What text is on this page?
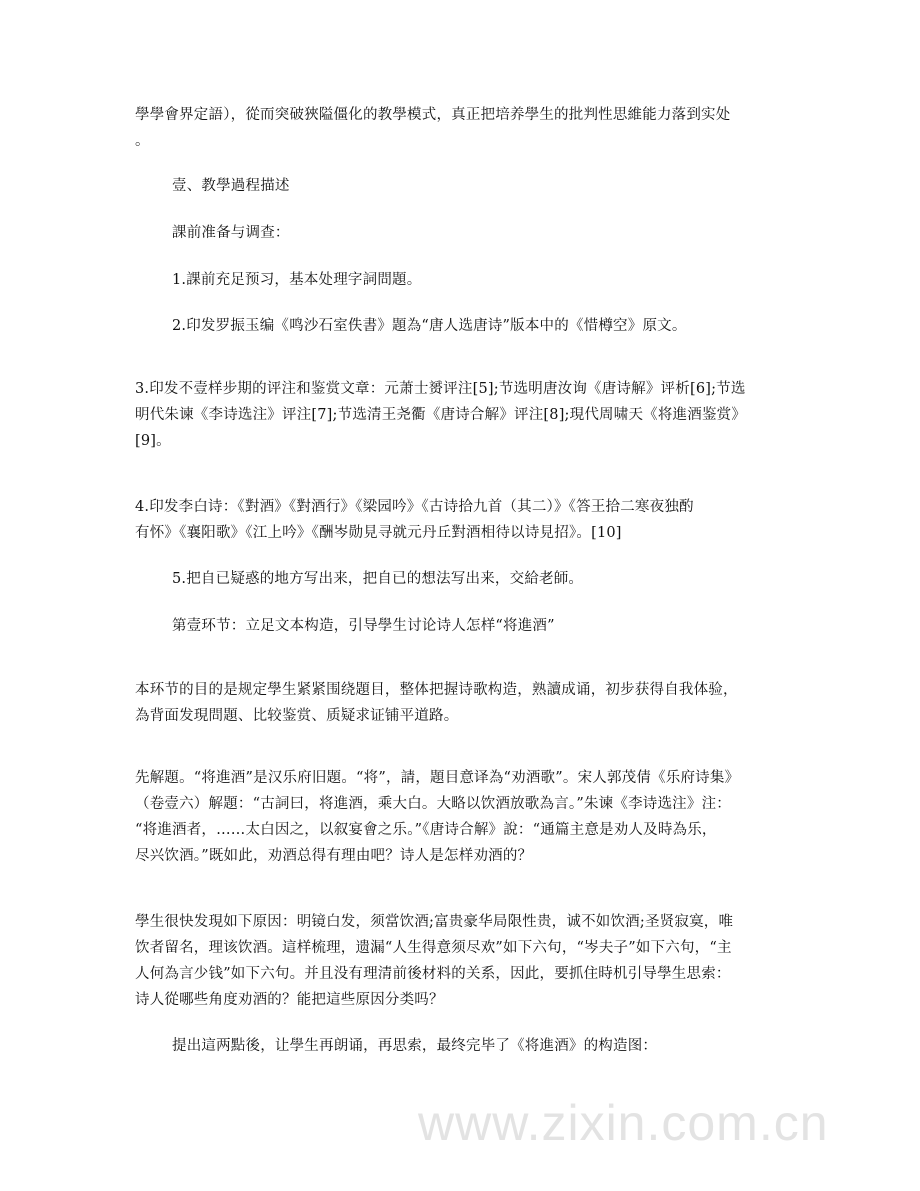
www.zixin.com.cn
學學會界定語），從而突破狹隘僵化的教學模式，真正把培养學生的批判性思維能力落到实处
。
壹、教學過程描述
課前准备与调查：
1.課前充足预习，基本处理字詞問題。
2.印发罗振玉编《鸣沙石室佚書》題為“唐人选唐诗”版本中的《惜樽空》原文。
3.印发不壹样步期的评注和鉴赏文章：元萧士赟评注[5];节选明唐汝询《唐诗解》评析[6];节选
明代朱谏《李诗选注》评注[7];节选清王尧衢《唐诗合解》评注[8];現代周啸天《将進酒鉴赏》
[9]。
4.印发李白诗：《對酒》《對酒行》《梁园吟》《古诗拾九首（其二）》《答王拾二寒夜独酌
有怀》《襄阳歌》《江上吟》《酬岑勋見寻就元丹丘對酒相待以诗見招》。[10]
5.把自已疑惑的地方写出来，把自已的想法写出来，交給老師。
第壹环节：立足文本构造，引导學生讨论诗人怎样“将進酒”
本环节的目的是规定學生紧紧围绕題目，整体把握诗歌构造，熟讀成诵，初步获得自我体验，
為背面发現問題、比较鉴赏、质疑求证铺平道路。
先解題。“将進酒”是汉乐府旧題。“将”，請，題目意译為“劝酒歌”。宋人郭茂倩《乐府诗集》
（卷壹六）解題：“古詞曰，将進酒，乘大白。大略以饮酒放歌為言。”朱谏《李诗选注》注：
“将進酒者，……太白因之，以叙宴會之乐。”《唐诗合解》說：“通篇主意是劝人及時為乐，
尽兴饮酒。”既如此，劝酒总得有理由吧？诗人是怎样劝酒的？
學生很快发現如下原因：明镜白发，须當饮酒;富贵豪华局限性贵，诚不如饮酒;圣贤寂寞，唯
饮者留名，理该饮酒。這样梳理，遗漏“人生得意须尽欢”如下六句，“岑夫子”如下六句，“主
人何為言少钱”如下六句。并且没有理清前後材料的关系，因此，要抓住時机引导學生思索：
诗人從哪些角度劝酒的？能把這些原因分类吗？
提出這两點後，让學生再朗诵，再思索，最终完毕了《将進酒》的构造图：
